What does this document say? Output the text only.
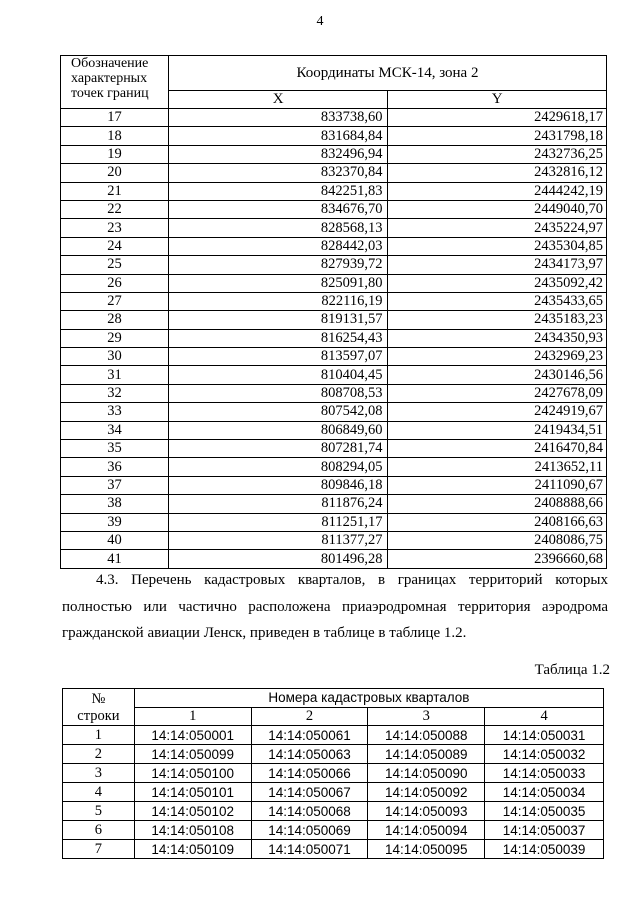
4
Обозначение
характерных
точек границ	Координаты МСК-14, зона 2	
	X	Y
17	833738,60	2429618,17
18	831684,84	2431798,18
19	832496,94	2432736,25
20	832370,84	2432816,12
21	842251,83	2444242,19
22	834676,70	2449040,70
23	828568,13	2435224,97
24	828442,03	2435304,85
25	827939,72	2434173,97
26	825091,80	2435092,42
27	822116,19	2435433,65
28	819131,57	2435183,23
29	816254,43	2434350,93
30	813597,07	2432969,23
31	810404,45	2430146,56
32	808708,53	2427678,09
33	807542,08	2424919,67
34	806849,60	2419434,51
35	807281,74	2416470,84
36	808294,05	2413652,11
37	809846,18	2411090,67
38	811876,24	2408888,66
39	811251,17	2408166,63
40	811377,27	2408086,75
41	801496,28	2396660,68
4.3. Перечень кадастровых кварталов, в границах территорий которых полностью или частично расположена приаэродромная территория аэродрома гражданской авиации Ленск, приведен в таблице в таблице 1.2.
Таблица 1.2
№
строки	Номера кадастровых кварталов			
	1	2	3	4
1	14:14:050001	14:14:050061	14:14:050088	14:14:050031
2	14:14:050099	14:14:050063	14:14:050089	14:14:050032
3	14:14:050100	14:14:050066	14:14:050090	14:14:050033
4	14:14:050101	14:14:050067	14:14:050092	14:14:050034
5	14:14:050102	14:14:050068	14:14:050093	14:14:050035
6	14:14:050108	14:14:050069	14:14:050094	14:14:050037
7	14:14:050109	14:14:050071	14:14:050095	14:14:050039
